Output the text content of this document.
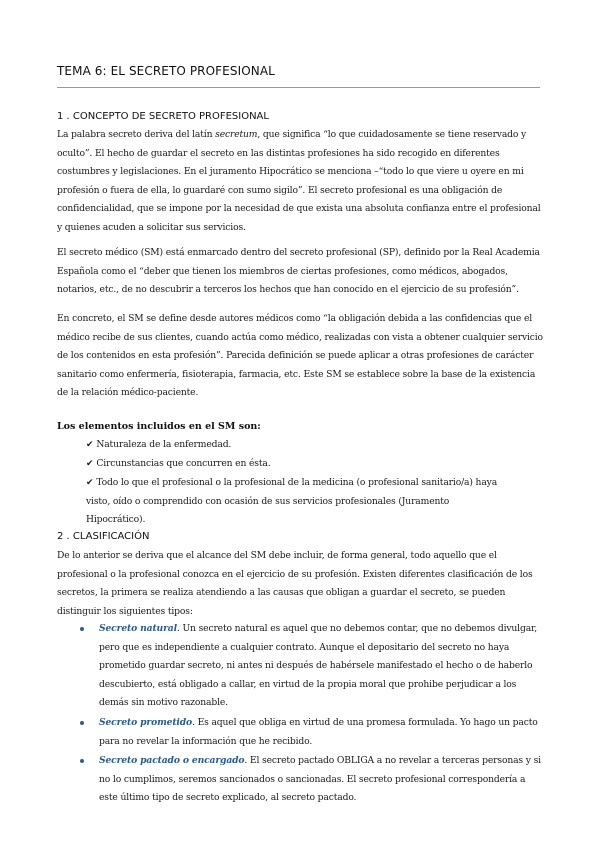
TEMA 6: EL SECRETO PROFESIONAL
1 . CONCEPTO DE SECRETO PROFESIONAL
La palabra secreto deriva del latín secretum, que significa “lo que cuidadosamente se tiene reservado y oculto”. El hecho de guardar el secreto en las distintas profesiones ha sido recogido en diferentes costumbres y legislaciones. En el juramento Hipocrático se menciona –“todo lo que viere u oyere en mi profesión o fuera de ella, lo guardaré con sumo sigilo”. El secreto profesional es una obligación de confidencialidad, que se impone por la necesidad de que exista una absoluta confianza entre el profesional y quienes acuden a solicitar sus servicios.
El secreto médico (SM) está enmarcado dentro del secreto profesional (SP), definido por la Real Academia Española como el “deber que tienen los miembros de ciertas profesiones, como médicos, abogados, notarios, etc., de no descubrir a terceros los hechos que han conocido en el ejercicio de su profesión”.
En concreto, el SM se define desde autores médicos como “la obligación debida a las confidencias que el médico recibe de sus clientes, cuando actúa como médico, realizadas con vista a obtener cualquier servicio de los contenidos en esta profesión”. Parecida definición se puede aplicar a otras profesiones de carácter sanitario como enfermería, fisioterapia, farmacia, etc. Este SM se establece sobre la base de la existencia de la relación médico-paciente.
Los elementos incluidos en el SM son:
✔ Naturaleza de la enfermedad.
✔ Circunstancias que concurren en ésta.
✔ Todo lo que el profesional o la profesional de la medicina (o profesional sanitario/a) haya visto, oído o comprendido con ocasión de sus servicios profesionales (Juramento Hipocrático).
2 . CLASIFICACIÓN
De lo anterior se deriva que el alcance del SM debe incluir, de forma general, todo aquello que el profesional o la profesional conozca en el ejercicio de su profesión. Existen diferentes clasificación de los secretos, la primera se realiza atendiendo a las causas que obligan a guardar el secreto, se pueden distinguir los siguientes tipos:
Secreto natural. Un secreto natural es aquel que no debemos contar, que no debemos divulgar, pero que es independiente a cualquier contrato. Aunque el depositario del secreto no haya prometido guardar secreto, ni antes ni después de habérsele manifestado el hecho o de haberlo descubierto, está obligado a callar, en virtud de la propia moral que prohibe perjudicar a los demás sin motivo razonable.
Secreto prometido. Es aquel que obliga en virtud de una promesa formulada. Yo hago un pacto para no revelar la información que he recibido.
Secreto pactado o encargado. El secreto pactado OBLIGA a no revelar a terceras personas y si no lo cumplimos, seremos sancionados o sancionadas. El secreto profesional correspondería a este último tipo de secreto explicado, al secreto pactado.
